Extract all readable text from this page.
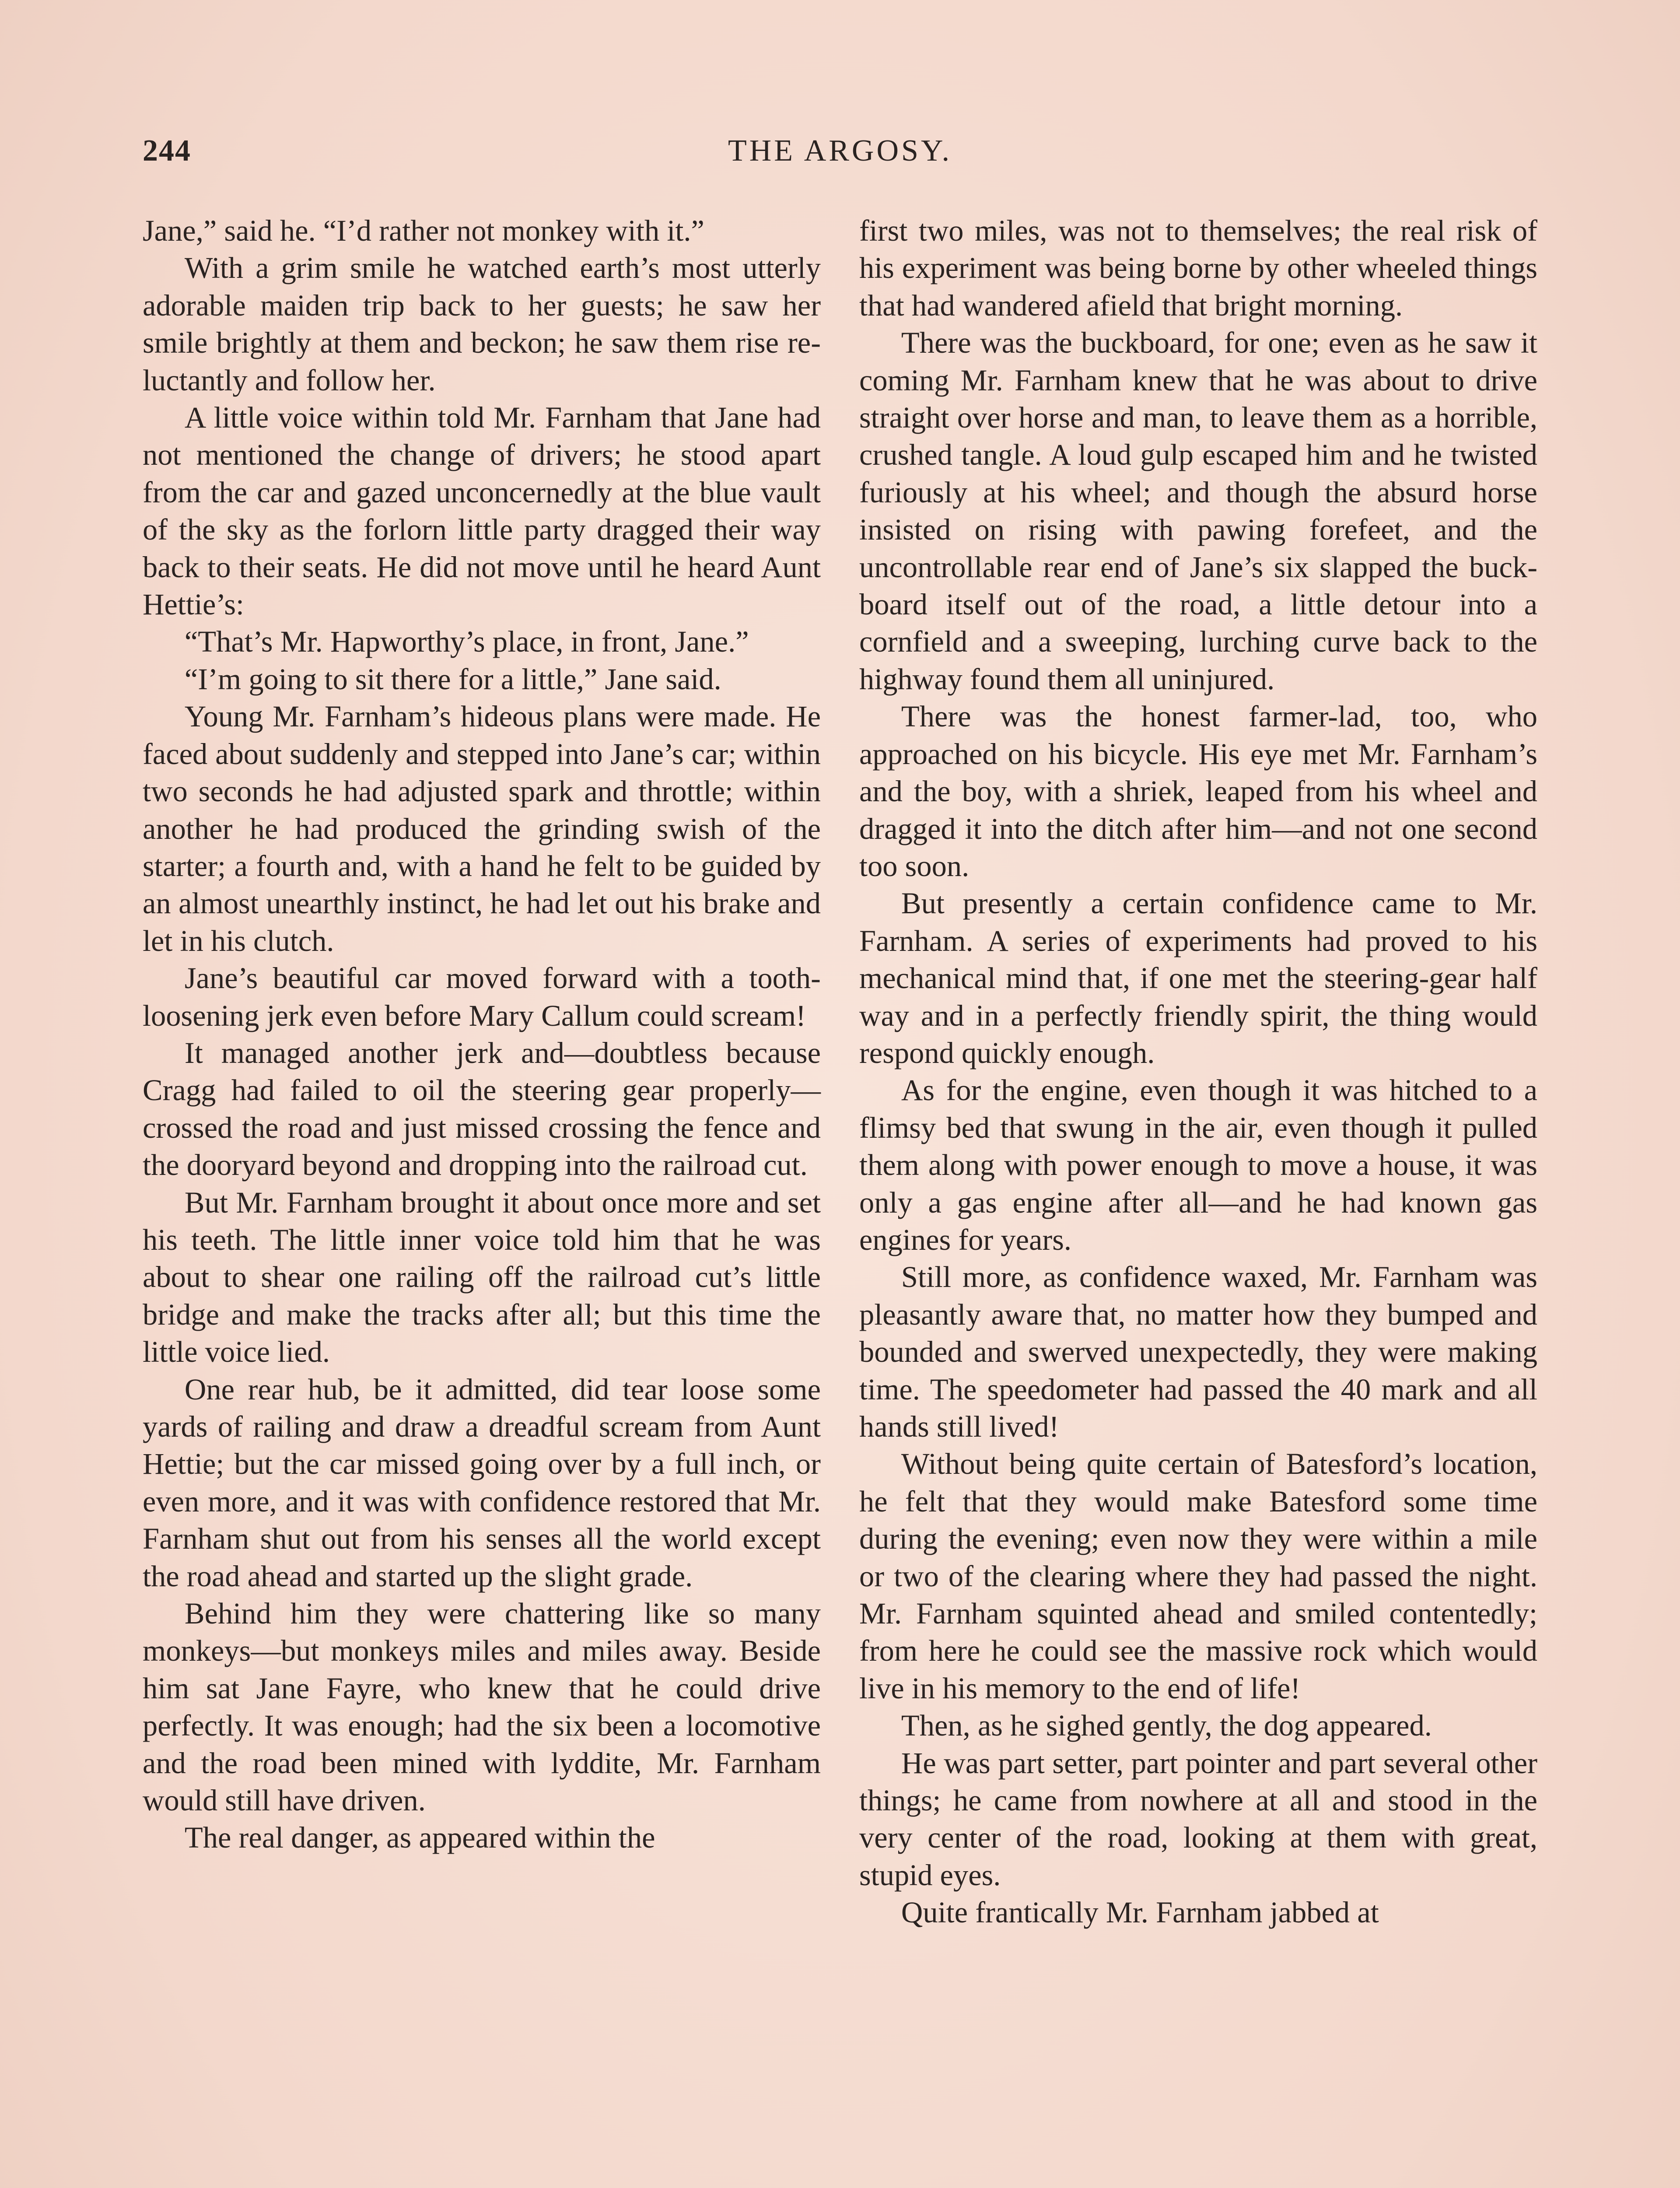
244	THE ARGOSY.

Jane,” said he. “I’d rather not monkey with it.”

With a grim smile he watched earth’s most utterly adorable maiden trip back to her guests; he saw her smile brightly at them and beckon; he saw them rise reluctantly and follow her.

A little voice within told Mr. Farnham that Jane had not mentioned the change of drivers; he stood apart from the car and gazed unconcernedly at the blue vault of the sky as the forlorn little party dragged their way back to their seats. He did not move until he heard Aunt Hettie’s:

“That’s Mr. Hapworthy’s place, in front, Jane.”

“I’m going to sit there for a little,” Jane said.

Young Mr. Farnham’s hideous plans were made. He faced about suddenly and stepped into Jane’s car; within two seconds he had adjusted spark and throttle; within another he had produced the grinding swish of the starter; a fourth and, with a hand he felt to be guided by an almost unearthly instinct, he had let out his brake and let in his clutch.

Jane’s beautiful car moved forward with a tooth-loosening jerk even before Mary Callum could scream!

It managed another jerk and—doubtless because Cragg had failed to oil the steering gear properly—crossed the road and just missed crossing the fence and the dooryard beyond and dropping into the railroad cut.

But Mr. Farnham brought it about once more and set his teeth. The little inner voice told him that he was about to shear one railing off the railroad cut’s little bridge and make the tracks after all; but this time the little voice lied.

One rear hub, be it admitted, did tear loose some yards of railing and draw a dreadful scream from Aunt Hettie; but the car missed going over by a full inch, or even more, and it was with confidence restored that Mr. Farnham shut out from his senses all the world except the road ahead and started up the slight grade.

Behind him they were chattering like so many monkeys—but monkeys miles and miles away. Beside him sat Jane Fayre, who knew that he could drive perfectly. It was enough; had the six been a locomotive and the road been mined with lyddite, Mr. Farnham would still have driven.

The real danger, as appeared within the

first two miles, was not to themselves; the real risk of his experiment was being borne by other wheeled things that had wandered afield that bright morning.

There was the buckboard, for one; even as he saw it coming Mr. Farnham knew that he was about to drive straight over horse and man, to leave them as a horrible, crushed tangle. A loud gulp escaped him and he twisted furiously at his wheel; and though the absurd horse insisted on rising with pawing forefeet, and the uncontrollable rear end of Jane’s six slapped the buckboard itself out of the road, a little detour into a cornfield and a sweeping, lurching curve back to the highway found them all uninjured.

There was the honest farmer-lad, too, who approached on his bicycle. His eye met Mr. Farnham’s and the boy, with a shriek, leaped from his wheel and dragged it into the ditch after him—and not one second too soon.

But presently a certain confidence came to Mr. Farnham. A series of experiments had proved to his mechanical mind that, if one met the steering-gear half way and in a perfectly friendly spirit, the thing would respond quickly enough.

As for the engine, even though it was hitched to a flimsy bed that swung in the air, even though it pulled them along with power enough to move a house, it was only a gas engine after all—and he had known gas engines for years.

Still more, as confidence waxed, Mr. Farnham was pleasantly aware that, no matter how they bumped and bounded and swerved unexpectedly, they were making time. The speedometer had passed the 40 mark and all hands still lived!

Without being quite certain of Batesford’s location, he felt that they would make Batesford some time during the evening; even now they were within a mile or two of the clearing where they had passed the night. Mr. Farnham squinted ahead and smiled contentedly; from here he could see the massive rock which would live in his memory to the end of life!

Then, as he sighed gently, the dog appeared.

He was part setter, part pointer and part several other things; he came from nowhere at all and stood in the very center of the road, looking at them with great, stupid eyes.

Quite frantically Mr. Farnham jabbed at
